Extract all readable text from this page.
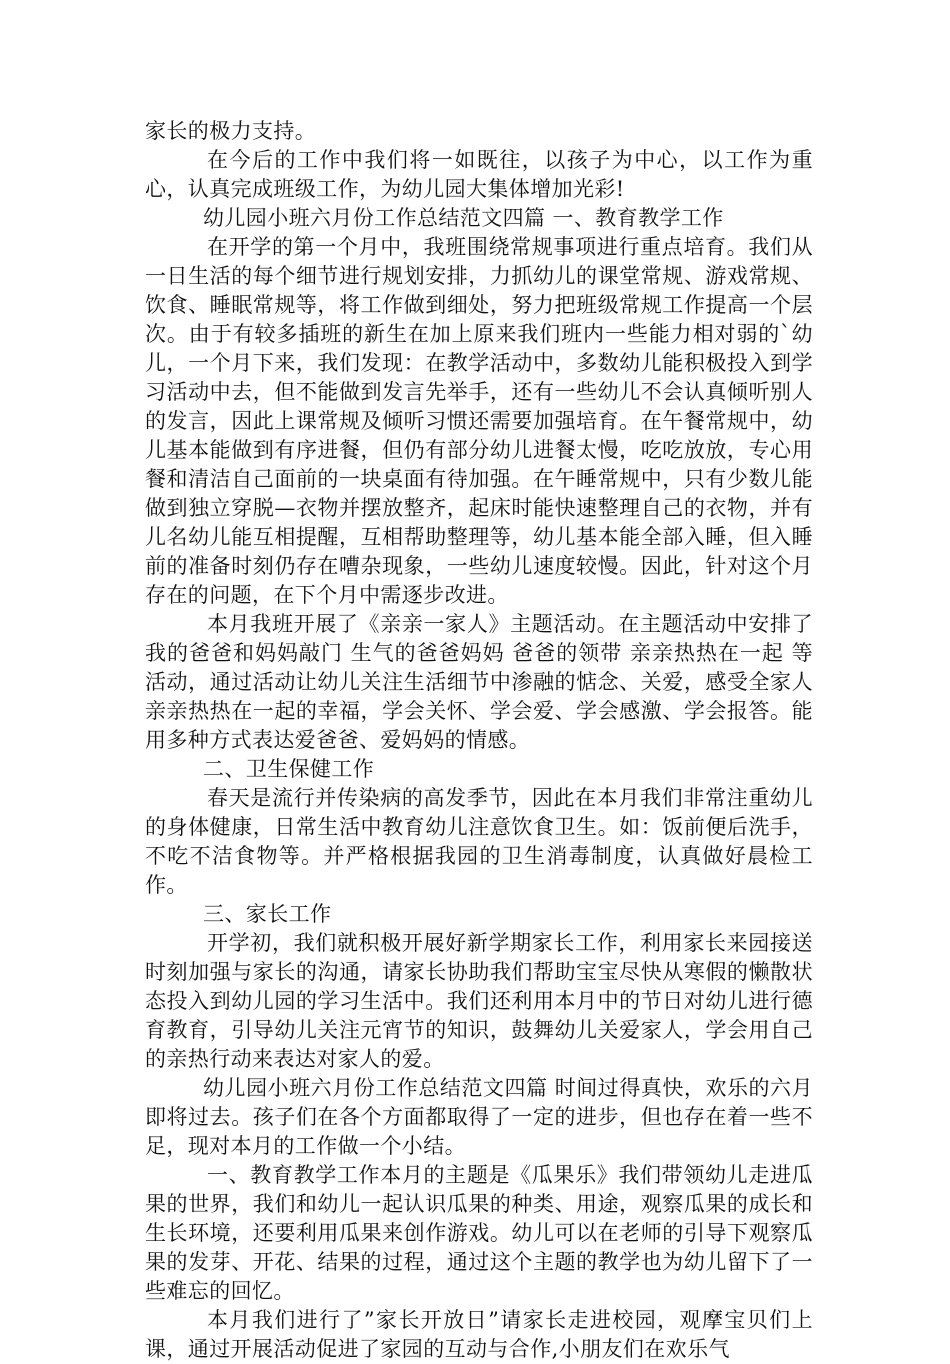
家长的极力支持。

在今后的工作中我们将一如既往，以孩子为中心，以工作为重心，认真完成班级工作，为幼儿园大集体增加光彩!

幼儿园小班六月份工作总结范文四篇 一、教育教学工作

在开学的第一个月中，我班围绕常规事项进行重点培育。我们从一日生活的每个细节进行规划安排，力抓幼儿的课堂常规、游戏常规、饮食、睡眠常规等，将工作做到细处，努力把班级常规工作提高一个层次。由于有较多插班的新生在加上原来我们班内一些能力相对弱的`幼儿，一个月下来，我们发现：在教学活动中，多数幼儿能积极投入到学习活动中去，但不能做到发言先举手，还有一些幼儿不会认真倾听别人的发言，因此上课常规及倾听习惯还需要加强培育。在午餐常规中，幼儿基本能做到有序进餐，但仍有部分幼儿进餐太慢，吃吃放放，专心用餐和清洁自己面前的一块桌面有待加强。在午睡常规中，只有少数儿能做到独立穿脱—衣物并摆放整齐，起床时能快速整理自己的衣物，并有儿名幼儿能互相提醒，互相帮助整理等，幼儿基本能全部入睡，但入睡前的准备时刻仍存在嘈杂现象，一些幼儿速度较慢。因此，针对这个月存在的问题，在下个月中需逐步改进。

本月我班开展了《亲亲一家人》主题活动。在主题活动中安排了我的爸爸和妈妈敲门 生气的爸爸妈妈 爸爸的领带 亲亲热热在一起 等活动，通过活动让幼儿关注生活细节中渗融的惦念、关爱，感受全家人亲亲热热在一起的幸福，学会关怀、学会爱、学会感激、学会报答。能用多种方式表达爱爸爸、爱妈妈的情感。

二、卫生保健工作

春天是流行并传染病的高发季节，因此在本月我们非常注重幼儿的身体健康，日常生活中教育幼儿注意饮食卫生。如：饭前便后洗手，不吃不洁食物等。并严格根据我园的卫生消毒制度，认真做好晨检工作。

三、家长工作

开学初，我们就积极开展好新学期家长工作，利用家长来园接送时刻加强与家长的沟通，请家长协助我们帮助宝宝尽快从寒假的懒散状态投入到幼儿园的学习生活中。我们还利用本月中的节日对幼儿进行德育教育，引导幼儿关注元宵节的知识，鼓舞幼儿关爱家人，学会用自己的亲热行动来表达对家人的爱。

幼儿园小班六月份工作总结范文四篇 时间过得真快，欢乐的六月即将过去。孩子们在各个方面都取得了一定的进步，但也存在着一些不足，现对本月的工作做一个小结。

一、教育教学工作本月的主题是《瓜果乐》我们带领幼儿走进瓜果的世界，我们和幼儿一起认识瓜果的种类、用途，观察瓜果的成长和生长环境，还要利用瓜果来创作游戏。幼儿可以在老师的引导下观察瓜果的发芽、开花、结果的过程，通过这个主题的教学也为幼儿留下了一些难忘的回忆。

本月我们进行了”家长开放日”请家长走进校园，观摩宝贝们上课，通过开展活动促进了家园的互动与合作,小朋友们在欢乐气
